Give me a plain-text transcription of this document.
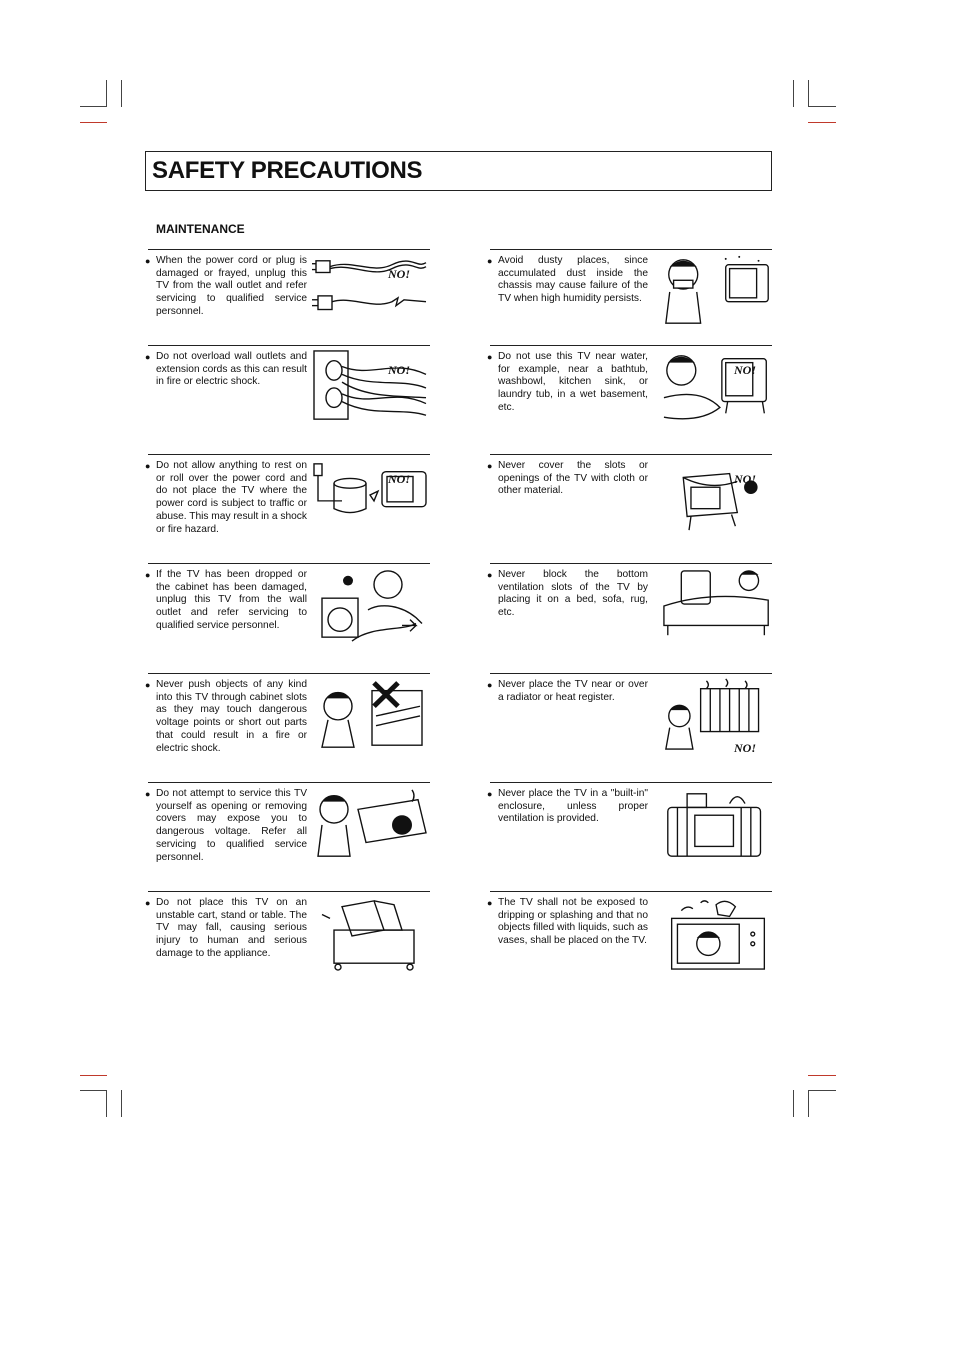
SAFETY PRECAUTIONS
MAINTENANCE
● When the power cord or plug is damaged or frayed, unplug this TV from the wall outlet and refer servicing to qualified service personnel.
NO!
● Do not overload wall outlets and extension cords as this can result in fire or electric shock.
NO!
● Do not allow anything to rest on or roll over the power cord and do not place the TV where the power cord is subject to traffic or abuse. This may result in a shock or fire hazard.
NO!
● If the TV has been dropped or the cabinet has been damaged, unplug this TV from the wall outlet and refer servicing to qualified service personnel.
● Never push objects of any kind into this TV through cabinet slots as they may touch dangerous voltage points or short out parts that could result in a fire or electric shock.
● Do not attempt to service this TV yourself as opening or removing covers may expose you to dangerous voltage. Refer all servicing to qualified service personnel.
● Do not place this TV on an unstable cart, stand or table. The TV may fall, causing serious injury to human and serious damage to the appliance.
● Avoid dusty places, since accumulated dust inside the chassis may cause failure of the TV when high humidity persists.
● Do not use this TV near water, for example, near a bathtub, washbowl, kitchen sink, or laundry tub, in a wet basement, etc.
NO!
● Never cover the slots or openings of the TV with cloth or other material.
NO!
● Never block the bottom ventilation slots of the TV by placing it on a bed, sofa, rug, etc.
● Never place the TV near or over a radiator or heat register.
NO!
● Never place the TV in a "built-in" enclosure, unless proper ventilation is provided.
● The TV shall not be exposed to dripping or splashing and that no objects filled with liquids, such as vases, shall be placed on the TV.
